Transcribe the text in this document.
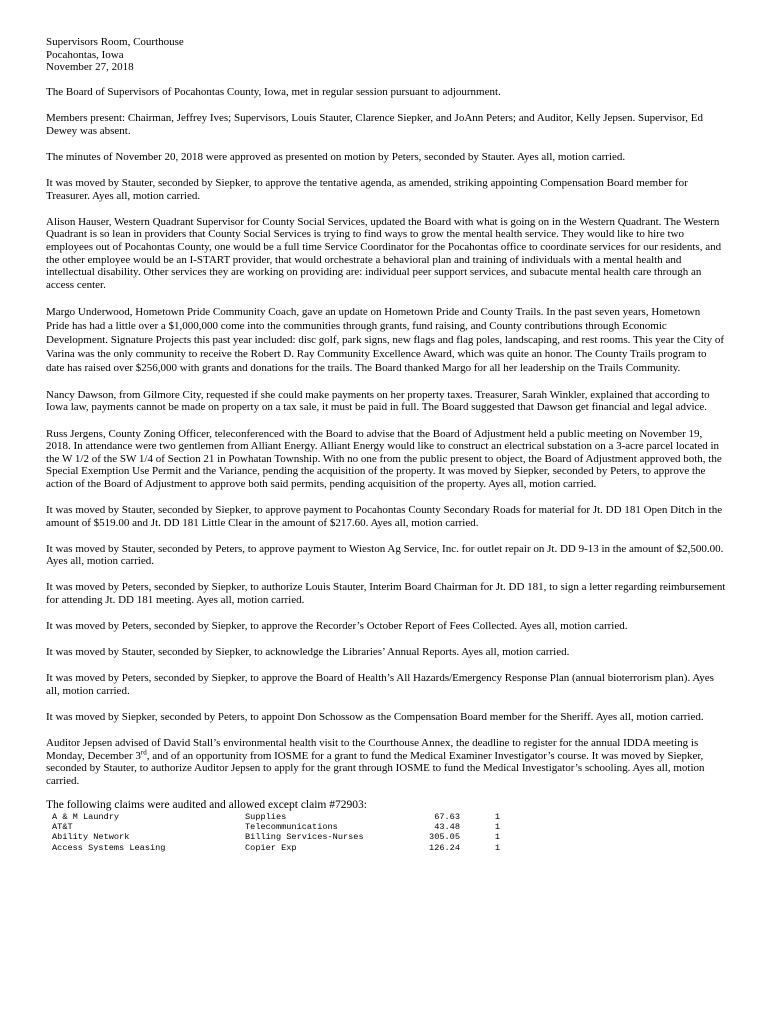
Supervisors Room, Courthouse

Pocahontas, Iowa

November 27, 2018

The Board of Supervisors of Pocahontas County, Iowa, met in regular session pursuant to adjournment.

Members present: Chairman, Jeffrey Ives; Supervisors, Louis Stauter, Clarence Siepker, and JoAnn Peters; and Auditor, Kelly Jepsen. Supervisor, Ed Dewey was absent.

The minutes of November 20, 2018 were approved as presented on motion by Peters, seconded by Stauter. Ayes all, motion carried.

It was moved by Stauter, seconded by Siepker, to approve the tentative agenda, as amended, striking appointing Compensation Board member for Treasurer. Ayes all, motion carried.

Alison Hauser, Western Quadrant Supervisor for County Social Services, updated the Board with what is going on in the Western Quadrant. The Western Quadrant is so lean in providers that County Social Services is trying to find ways to grow the mental health service. They would like to hire two employees out of Pocahontas County, one would be a full time Service Coordinator for the Pocahontas office to coordinate services for our residents, and the other employee would be an I-START provider, that would orchestrate a behavioral plan and training of individuals with a mental health and intellectual disability. Other services they are working on providing are: individual peer support services, and subacute mental health care through an access center.

Margo Underwood, Hometown Pride Community Coach, gave an update on Hometown Pride and County Trails. In the past seven years, Hometown Pride has had a little over a $1,000,000 come into the communities through grants, fund raising, and County contributions through Economic Development. Signature Projects this past year included: disc golf, park signs, new flags and flag poles, landscaping, and rest rooms. This year the City of Varina was the only community to receive the Robert D. Ray Community Excellence Award, which was quite an honor. The County Trails program to date has raised over $256,000 with grants and donations for the trails. The Board thanked Margo for all her leadership on the Trails Community.

Nancy Dawson, from Gilmore City, requested if she could make payments on her property taxes. Treasurer, Sarah Winkler, explained that according to Iowa law, payments cannot be made on property on a tax sale, it must be paid in full. The Board suggested that Dawson get financial and legal advice.

Russ Jergens, County Zoning Officer, teleconferenced with the Board to advise that the Board of Adjustment held a public meeting on November 19, 2018. In attendance were two gentlemen from Alliant Energy. Alliant Energy would like to construct an electrical substation on a 3-acre parcel located in the W 1/2 of the SW 1/4 of Section 21 in Powhatan Township. With no one from the public present to object, the Board of Adjustment approved both, the Special Exemption Use Permit and the Variance, pending the acquisition of the property. It was moved by Siepker, seconded by Peters, to approve the action of the Board of Adjustment to approve both said permits, pending acquisition of the property. Ayes all, motion carried.

It was moved by Stauter, seconded by Siepker, to approve payment to Pocahontas County Secondary Roads for material for Jt. DD 181 Open Ditch in the amount of $519.00 and Jt. DD 181 Little Clear in the amount of $217.60. Ayes all, motion carried.

It was moved by Stauter, seconded by Peters, to approve payment to Wieston Ag Service, Inc. for outlet repair on Jt. DD 9-13 in the amount of $2,500.00. Ayes all, motion carried.

It was moved by Peters, seconded by Siepker, to authorize Louis Stauter, Interim Board Chairman for Jt. DD 181, to sign a letter regarding reimbursement for attending Jt. DD 181 meeting. Ayes all, motion carried.

It was moved by Peters, seconded by Siepker, to approve the Recorder’s October Report of Fees Collected. Ayes all, motion carried.

It was moved by Stauter, seconded by Siepker, to acknowledge the Libraries’ Annual Reports. Ayes all, motion carried.

It was moved by Peters, seconded by Siepker, to approve the Board of Health’s All Hazards/Emergency Response Plan (annual bioterrorism plan). Ayes all, motion carried.

It was moved by Siepker, seconded by Peters, to appoint Don Schossow as the Compensation Board member for the Sheriff. Ayes all, motion carried.

Auditor Jepsen advised of David Stall’s environmental health visit to the Courthouse Annex, the deadline to register for the annual IDDA meeting is Monday, December 3rd, and of an opportunity from IOSME for a grant to fund the Medical Examiner Investigator’s course. It was moved by Siepker, seconded by Stauter, to authorize Auditor Jepsen to apply for the grant through IOSME to fund the Medical Investigator’s schooling. Ayes all, motion carried.

The following claims were audited and allowed except claim #72903:

A & M Laundry	Supplies	67.63	1
AT&T	Telecommunications	43.48	1
Ability Network	Billing Services-Nurses	305.05	1
Access Systems Leasing	Copier Exp	126.24	1
